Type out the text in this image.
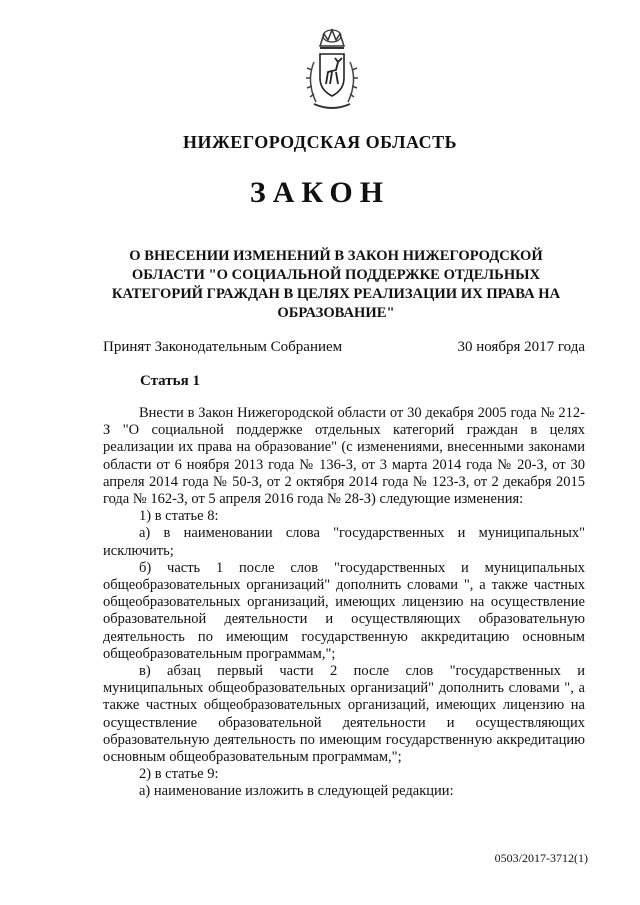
НИЖЕГОРОДСКАЯ ОБЛАСТЬ
ЗАКОН
О ВНЕСЕНИИ ИЗМЕНЕНИЙ В ЗАКОН НИЖЕГОРОДСКОЙ ОБЛАСТИ "О СОЦИАЛЬНОЙ ПОДДЕРЖКЕ ОТДЕЛЬНЫХ КАТЕГОРИЙ ГРАЖДАН В ЦЕЛЯХ РЕАЛИЗАЦИИ ИХ ПРАВА НА ОБРАЗОВАНИЕ"
Принят Законодательным Собранием	30 ноября 2017 года
Статья 1

Внести в Закон Нижегородской области от 30 декабря 2005 года № 212-З "О социальной поддержке отдельных категорий граждан в целях реализации их права на образование" (с изменениями, внесенными законами области от 6 ноября 2013 года № 136-З, от 3 марта 2014 года № 20-З, от 30 апреля 2014 года № 50-З, от 2 октября 2014 года № 123-З, от 2 декабря 2015 года № 162-З, от 5 апреля 2016 года № 28-З) следующие изменения:

1) в статье 8:

а) в наименовании слова "государственных и муниципальных" исключить;

б) часть 1 после слов "государственных и муниципальных общеобразовательных организаций" дополнить словами ", а также частных общеобразовательных организаций, имеющих лицензию на осуществление образовательной деятельности и осуществляющих образовательную деятельность по имеющим государственную аккредитацию основным общеобразовательным программам,";

в) абзац первый части 2 после слов "государственных и муниципальных общеобразовательных организаций" дополнить словами ", а также частных общеобразовательных организаций, имеющих лицензию на осуществление образовательной деятельности и осуществляющих образовательную деятельность по имеющим государственную аккредитацию основным общеобразовательным программам,";

2) в статье 9:

а) наименование изложить в следующей редакции:

0503/2017-3712(1)
